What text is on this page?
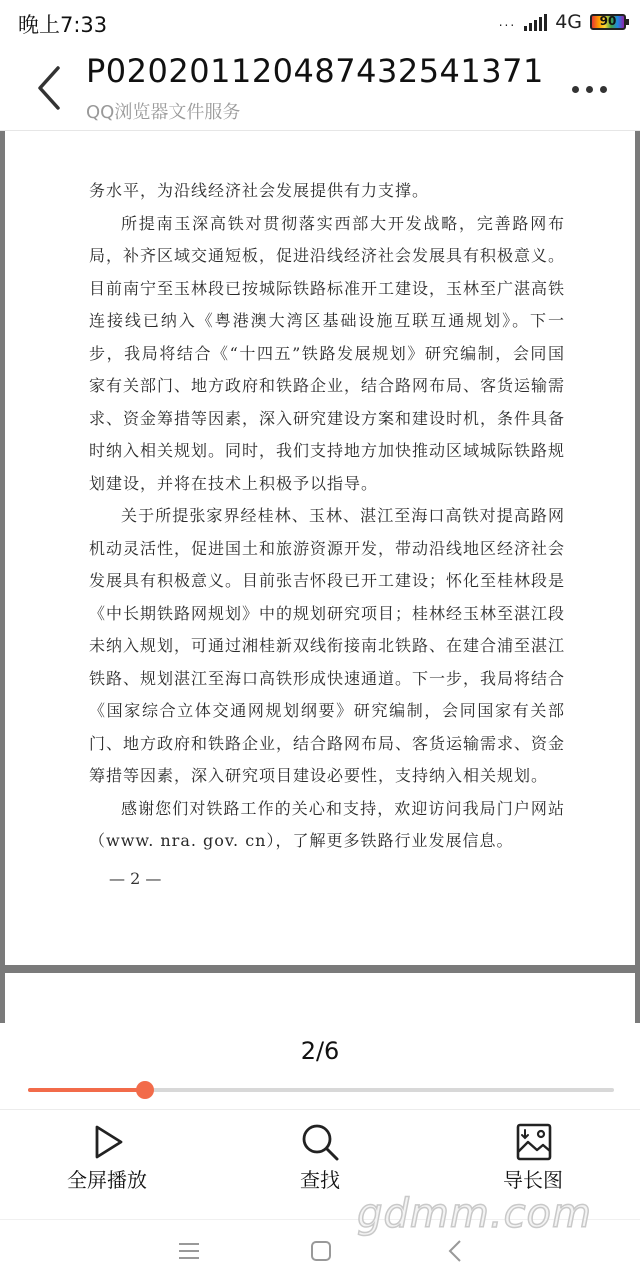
晚上7:33	... 4G	90
P020201120487432541371
QQ浏览器文件服务

务水平，为沿线经济社会发展提供有力支撑。

所提南玉深高铁对贯彻落实西部大开发战略，完善路网布局，补齐区域交通短板，促进沿线经济社会发展具有积极意义。目前南宁至玉林段已按城际铁路标准开工建设，玉林至广湛高铁连接线已纳入《粤港澳大湾区基础设施互联互通规划》。下一步，我局将结合《“十四五”铁路发展规划》研究编制，会同国家有关部门、地方政府和铁路企业，结合路网布局、客货运输需求、资金筹措等因素，深入研究建设方案和建设时机，条件具备时纳入相关规划。同时，我们支持地方加快推动区域城际铁路规划建设，并将在技术上积极予以指导。

关于所提张家界经桂林、玉林、湛江至海口高铁对提高路网机动灵活性，促进国土和旅游资源开发，带动沿线地区经济社会发展具有积极意义。目前张吉怀段已开工建设；怀化至桂林段是《中长期铁路网规划》中的规划研究项目；桂林经玉林至湛江段未纳入规划，可通过湘桂新双线衔接南北铁路、在建合浦至湛江铁路、规划湛江至海口高铁形成快速通道。下一步，我局将结合《国家综合立体交通网规划纲要》研究编制，会同国家有关部门、地方政府和铁路企业，结合路网布局、客货运输需求、资金筹措等因素，深入研究项目建设必要性，支持纳入相关规划。

感谢您们对铁路工作的关心和支持，欢迎访问我局门户网站（www. nra. gov. cn），了解更多铁路行业发展信息。

— 2 —
2/6
全屏播放	查找	导长图
gdmm.com
